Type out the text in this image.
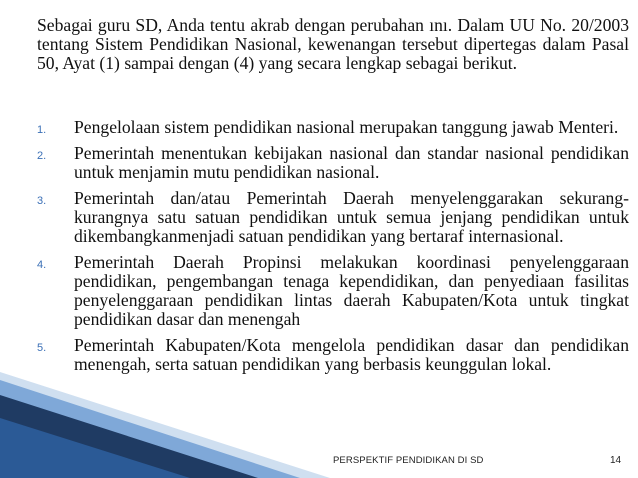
Sebagai guru SD, Anda tentu akrab dengan perubahan ını. Dalam UU No. 20/2003 tentang Sistem Pendidikan Nasional, kewenangan tersebut dipertegas dalam Pasal 50, Ayat (1) sampai dengan (4) yang secara lengkap sebagai berikut.

1. Pengelolaan sistem pendidikan nasional merupakan tanggung jawab Menteri.
2. Pemerintah menentukan kebijakan nasional dan standar nasional pendidikan untuk menjamin mutu pendidikan nasional.
3. Pemerintah dan/atau Pemerintah Daerah menyelenggarakan sekurang-kurangnya satu satuan pendidikan untuk semua jenjang pendidikan untuk dikembangkanmenjadi satuan pendidikan yang bertaraf internasional.
4. Pemerintah Daerah Propinsi melakukan koordinasi penyelenggaraan pendidikan, pengembangan tenaga kependidikan, dan penyediaan fasilitas penyelenggaraan pendidikan lintas daerah Kabupaten/Kota untuk tingkat pendidikan dasar dan menengah
5. Pemerintah Kabupaten/Kota mengelola pendidikan dasar dan pendidikan menengah, serta satuan pendidikan yang berbasis keunggulan lokal.
PERSPEKTIF PENDIDIKAN DI SD	14
